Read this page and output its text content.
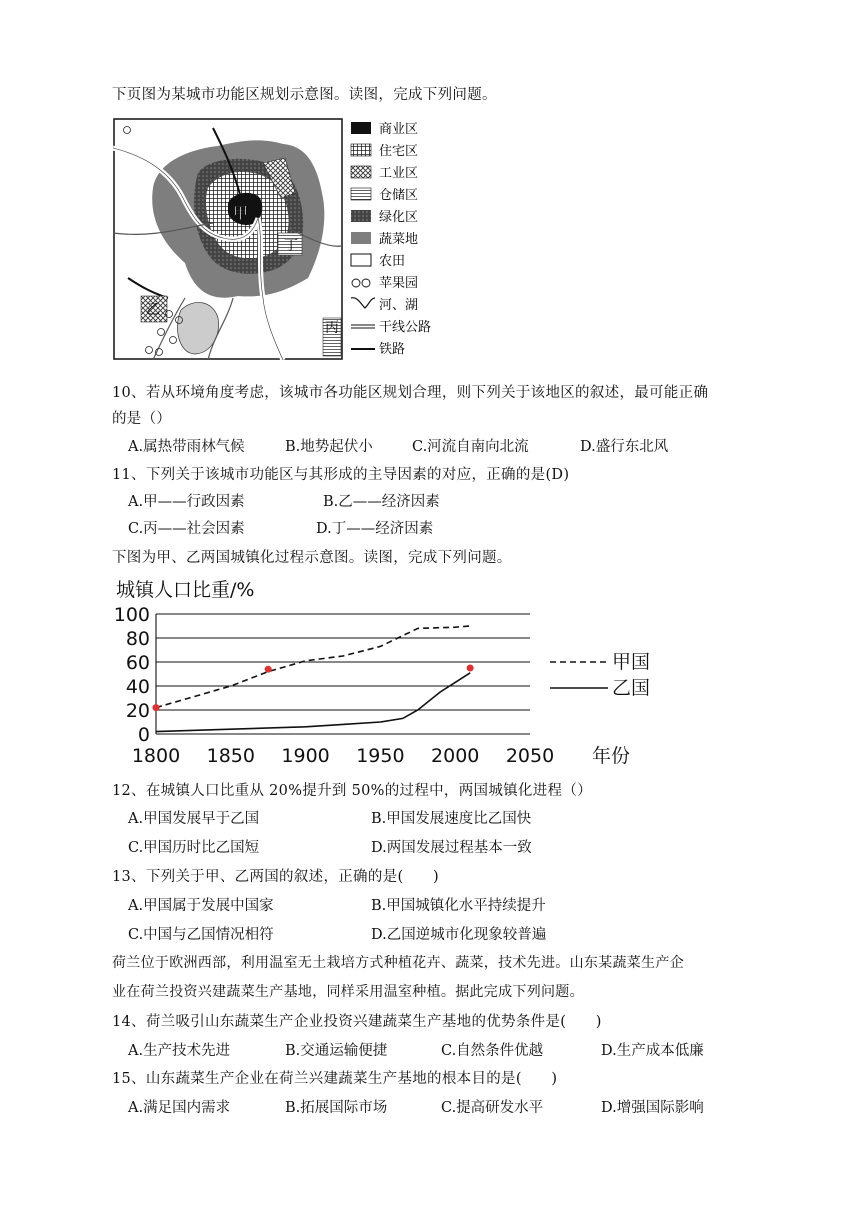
下页图为某城市功能区规划示意图。读图，完成下列问题。
甲
丁
乙
丙
商业区
住宅区
工业区
仓储区
绿化区
蔬菜地
农田
苹果园
河、湖
干线公路
铁路
10、若从环境角度考虑，该城市各功能区规划合理，则下列关于该地区的叙述，最可能正确
的是（）
A.属热带雨林气候	B.地势起伏小	C.河流自南向北流	D.盛行东北风
11、下列关于该城市功能区与其形成的主导因素的对应，正确的是(D)
A.甲——行政因素	B.乙——经济因素
C.丙——社会因素	D.丁——经济因素
下图为甲、乙两国城镇化过程示意图。读图，完成下列问题。
城镇人口比重/%
0
20
40
60
80
100
1800 1850 1900 1950 2000 2050
甲国
乙国
年份
12、在城镇人口比重从 20%提升到 50%的过程中，两国城镇化进程（）
A.甲国发展早于乙国	B.甲国发展速度比乙国快
C.甲国历时比乙国短	D.两国发展过程基本一致
13、下列关于甲、乙两国的叙述，正确的是(　　)
A.甲国属于发展中国家	B.甲国城镇化水平持续提升
C.中国与乙国情况相符	D.乙国逆城市化现象较普遍
荷兰位于欧洲西部，利用温室无土栽培方式种植花卉、蔬菜，技术先进。山东某蔬菜生产企
业在荷兰投资兴建蔬菜生产基地，同样采用温室种植。据此完成下列问题。
14、荷兰吸引山东蔬菜生产企业投资兴建蔬菜生产基地的优势条件是(　　)
A.生产技术先进	B.交通运输便捷	C.自然条件优越	D.生产成本低廉
15、山东蔬菜生产企业在荷兰兴建蔬菜生产基地的根本目的是(　　)
A.满足国内需求	B.拓展国际市场	C.提高研发水平	D.增强国际影响
